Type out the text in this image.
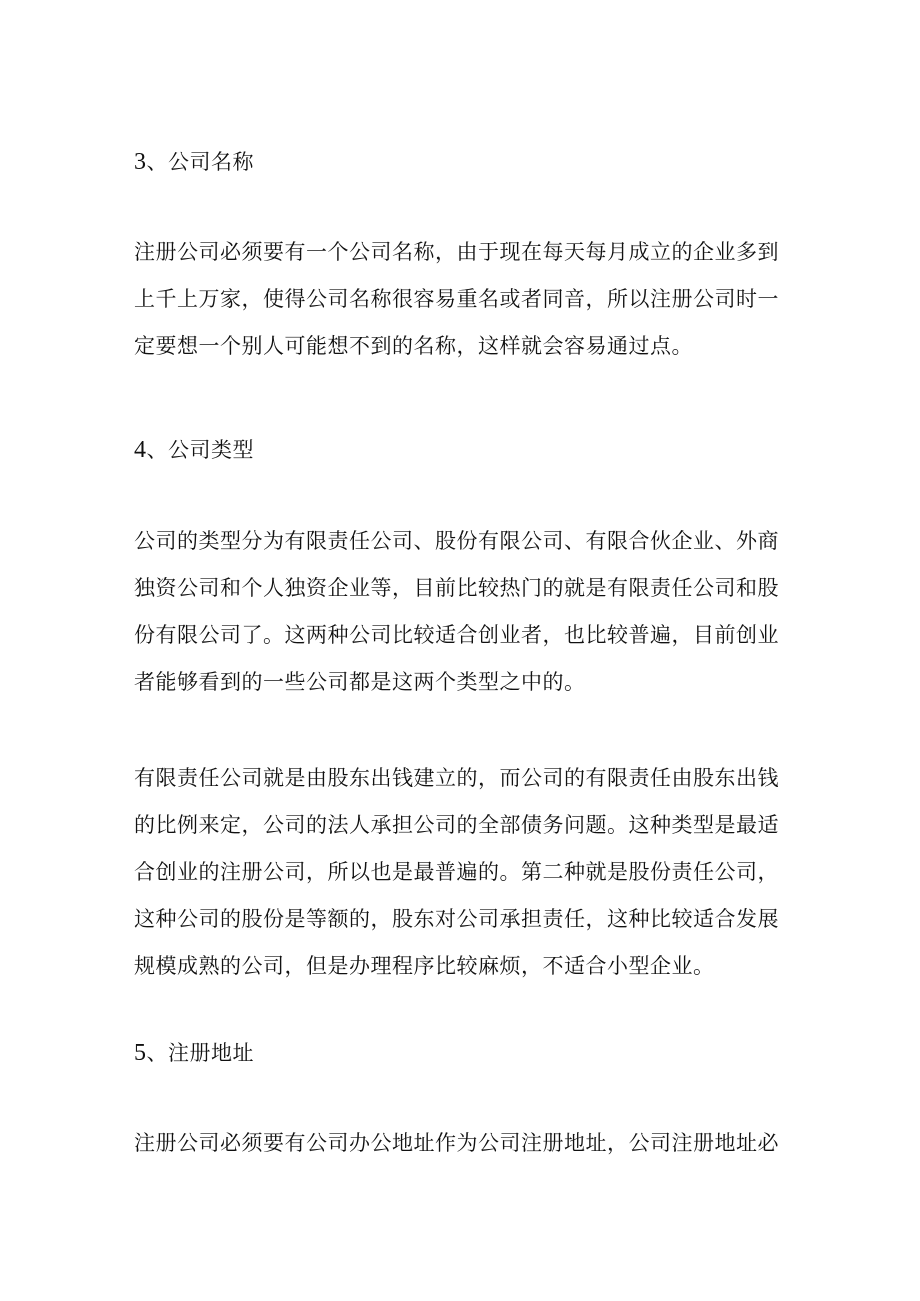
3、公司名称
注册公司必须要有一个公司名称，由于现在每天每月成立的企业多到
上千上万家，使得公司名称很容易重名或者同音，所以注册公司时一
定要想一个别人可能想不到的名称，这样就会容易通过点。
4、公司类型
公司的类型分为有限责任公司、股份有限公司、有限合伙企业、外商
独资公司和个人独资企业等，目前比较热门的就是有限责任公司和股
份有限公司了。这两种公司比较适合创业者，也比较普遍，目前创业
者能够看到的一些公司都是这两个类型之中的。
有限责任公司就是由股东出钱建立的，而公司的有限责任由股东出钱
的比例来定，公司的法人承担公司的全部债务问题。这种类型是最适
合创业的注册公司，所以也是最普遍的。第二种就是股份责任公司，
这种公司的股份是等额的，股东对公司承担责任，这种比较适合发展
规模成熟的公司，但是办理程序比较麻烦，不适合小型企业。
5、注册地址
注册公司必须要有公司办公地址作为公司注册地址，公司注册地址必
